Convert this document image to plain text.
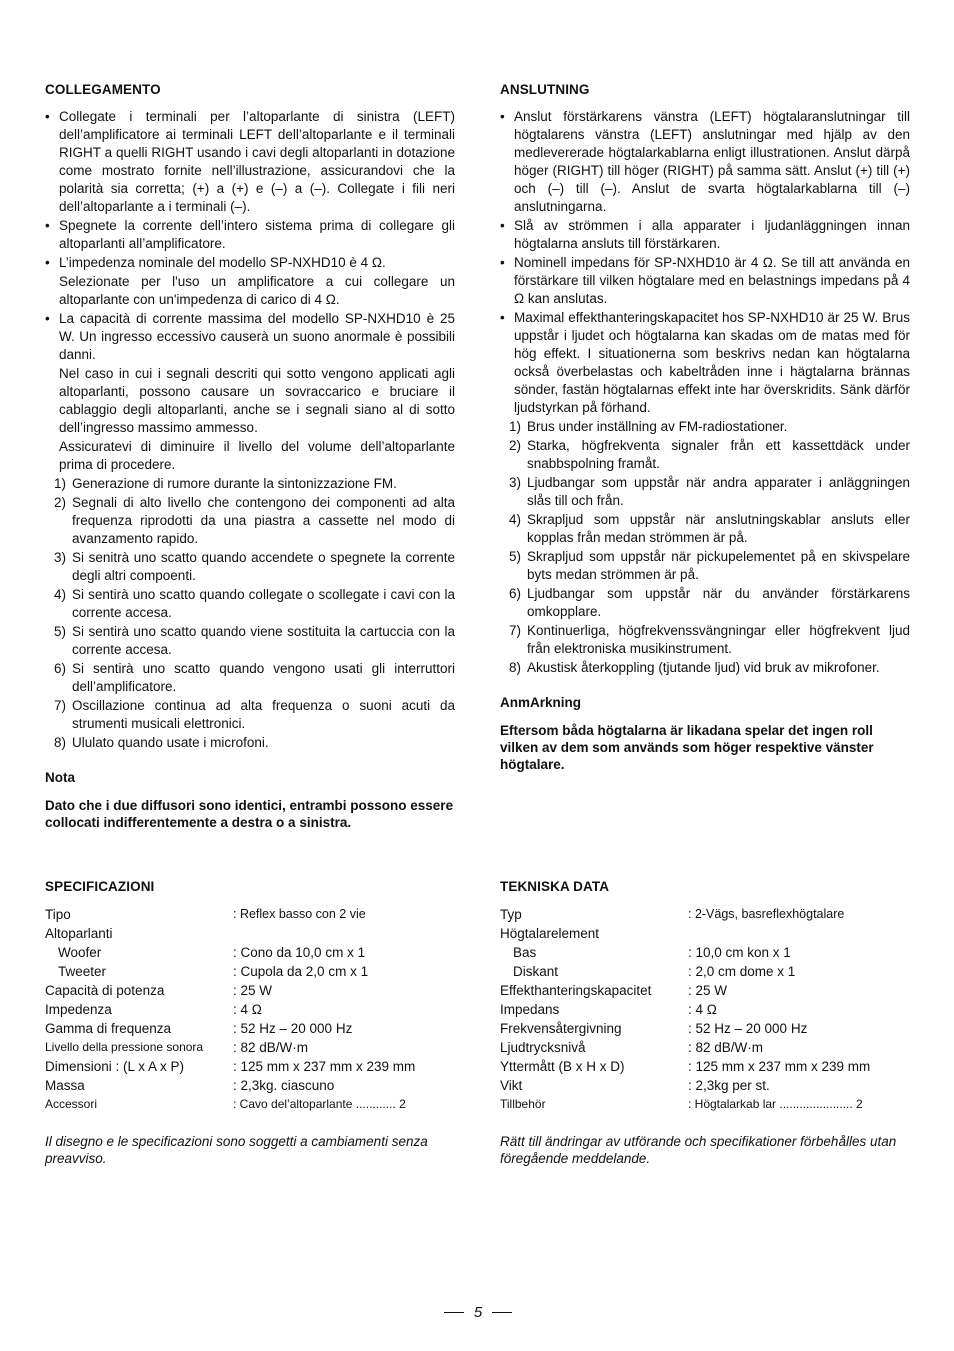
COLLEGAMENTO

• Collegate i terminali per l’altoparlante di sinistra (LEFT) dell’amplificatore ai terminali LEFT dell’altoparlante e il terminali RIGHT a quelli RIGHT usando i cavi degli altoparlanti in dotazione come mostrato fornite nell’illustrazione, assicurandovi che la polarità sia corretta; (+) a (+) e (–) a (–). Collegate i fili neri dell’altoparlante a i terminali (–).

• Spegnete la corrente dell’intero sistema prima di collegare gli altoparlanti all’amplificatore.

• L’impedenza nominale del modello SP-NXHD10 è 4 Ω.

Selezionate per l'uso un amplificatore a cui collegare un altoparlante con un'impedenza di carico di 4 Ω.

• La capacità di corrente massima del modello SP-NXHD10 è 25 W. Un ingresso eccessivo causerà un suono anormale è possibili danni.

Nel caso in cui i segnali descriti qui sotto vengono applicati agli altoparlanti, possono causare un sovraccarico e bruciare il cablaggio degli altoparlanti, anche se i segnali siano al di sotto dell’ingresso massimo ammesso.

Assicuratevi di diminuire il livello del volume dell’altoparlante prima di procedere.

1) Generazione di rumore durante la sintonizzazione FM.
2) Segnali di alto livello che contengono dei componenti ad alta frequenza riprodotti da una piastra a cassette nel modo di avanzamento rapido.
3) Si senitrà uno scatto quando accendete o spegnete la corrente degli altri compoenti.
4) Si sentirà uno scatto quando collegate o scollegate i cavi con la corrente accesa.
5) Si sentirà uno scatto quando viene sostituita la cartuccia con la corrente accesa.
6) Si sentirà uno scatto quando vengono usati gli interruttori dell’amplificatore.
7) Oscillazione continua ad alta frequenza o suoni acuti da strumenti musicali elettronici.
8) Ululato quando usate i microfoni.
Nota

Dato che i due diffusori sono identici, entrambi possono essere collocati indifferentemente a destra o a sinistra.

ANSLUTNING

• Anslut förstärkarens vänstra (LEFT) högtalaranslutningar till högtalarens vänstra (LEFT) anslutningar med hjälp av den medlevererade högtalarkablarna enligt illustrationen. Anslut därpå höger (RIGHT) till höger (RIGHT) på samma sätt. Anslut (+) till (+) och (–) till (–). Anslut de svarta högtalarkablarna till (–) anslutningarna.

• Slå av strömmen i alla apparater i ljudanläggningen innan högtalarna ansluts till förstärkaren.

• Nominell impedans för SP-NXHD10 är 4 Ω. Se till att använda en förstärkare till vilken högtalare med en belastnings impedans på 4 Ω kan anslutas.

• Maximal effekthanteringskapacitet hos SP-NXHD10 är 25 W. Brus uppstår i ljudet och högtalarna kan skadas om de matas med för hög effekt. I situationerna som beskrivs nedan kan högtalarna också överbelastas och kabeltråden inne i hägtalarna brännas sönder, fastän högtalarnas effekt inte har överskridits. Sänk därför ljudstyrkan på förhand.

1) Brus under inställning av FM-radiostationer.
2) Starka, högfrekventa signaler från ett kassettdäck under snabbspolning framåt.
3) Ljudbangar som uppstår när andra apparater i anläggningen slås till och från.
4) Skrapljud som uppstår när anslutningskablar ansluts eller kopplas från medan strömmen är på.
5) Skrapljud som uppstår när pickupelementet på en skivspelare byts medan strömmen är på.
6) Ljudbangar som uppstår när du använder förstärkarens omkopplare.
7) Kontinuerliga, högfrekvenssvängningar eller högfrekvent ljud från elektroniska musikinstrument.
8) Akustisk återkoppling (tjutande ljud) vid bruk av mikrofoner.
AnmArkning

Eftersom båda högtalarna är likadana spelar det ingen roll vilken av dem som används som höger respektive vänster högtalare.

SPECIFICAZIONI
Tipo	: Reflex basso con 2 vie
Altoparlanti	
Woofer	: Cono da 10,0 cm x 1
Tweeter	: Cupola da 2,0 cm x 1
Capacità di potenza	: 25 W
Impedenza	: 4 Ω
Gamma di frequenza	: 52 Hz – 20 000 Hz
Livello della pressione sonora	: 82 dB/W·m
Dimensioni : (L x A x P)	: 125 mm x 237 mm x 239 mm
Massa	: 2,3kg. ciascuno
Accessori	: Cavo del’altoparlante ............ 2

Il disegno e le specificazioni sono soggetti a cambiamenti senza preavviso.

TEKNISKA DATA
Typ	: 2-Vägs, basreflexhögtalare
Högtalarelement	
Bas	: 10,0 cm kon x 1
Diskant	: 2,0 cm dome x 1
Effekthanteringskapacitet	: 25 W
Impedans	: 4 Ω
Frekvensåtergivning	: 52 Hz – 20 000 Hz
Ljudtrycksnivå	: 82 dB/W·m
Yttermått (B x H x D)	: 125 mm x 237 mm x 239 mm
Vikt	: 2,3kg per st.
Tillbehör	: Högtalarkab lar ...................... 2

Rätt till ändringar av utförande och specifikationer förbehålles utan föregående meddelande.

5
